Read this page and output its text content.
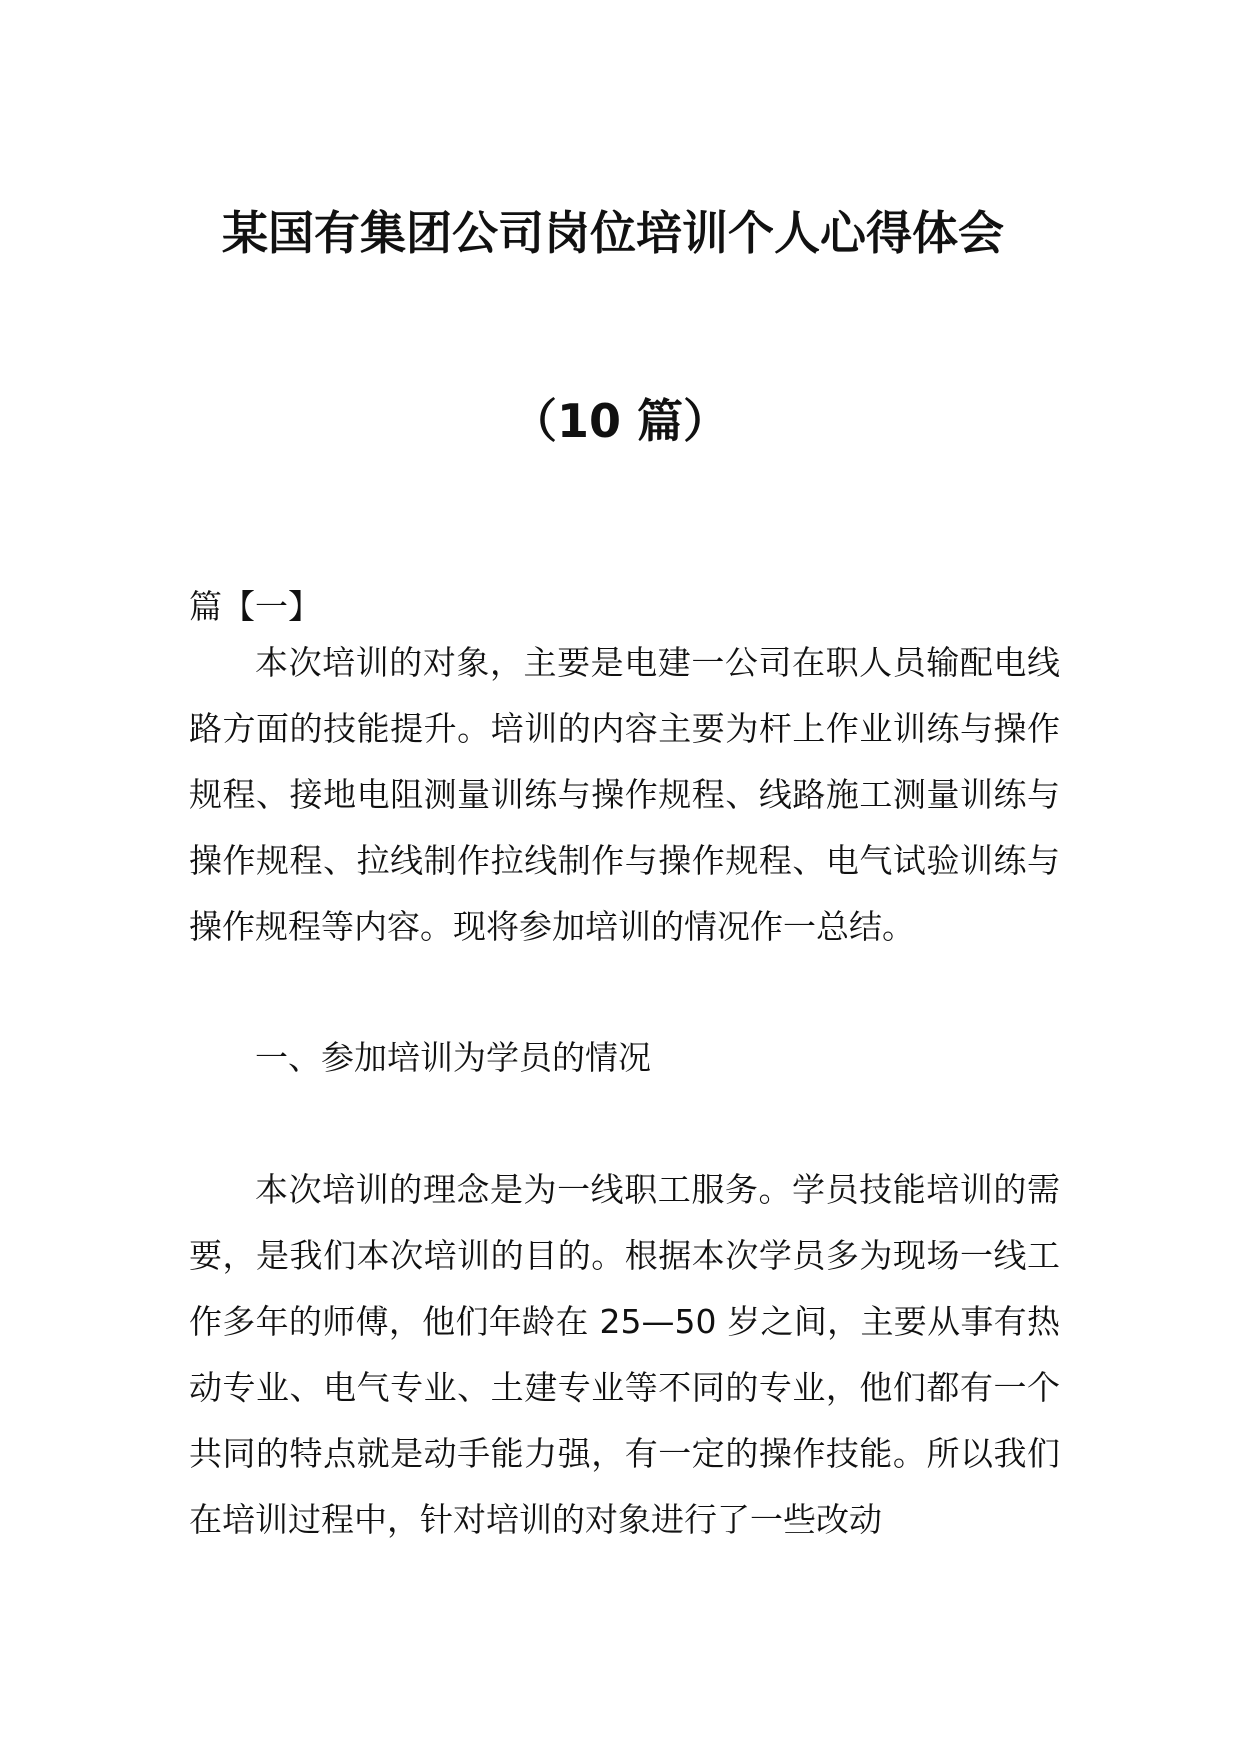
某国有集团公司岗位培训个人心得体会
（10 篇）

篇【一】

本次培训的对象，主要是电建一公司在职人员输配电线路方面的技能提升。培训的内容主要为杆上作业训练与操作规程、接地电阻测量训练与操作规程、线路施工测量训练与操作规程、拉线制作拉线制作与操作规程、电气试验训练与操作规程等内容。现将参加培训的情况作一总结。

一、参加培训为学员的情况

本次培训的理念是为一线职工服务。学员技能培训的需要，是我们本次培训的目的。根据本次学员多为现场一线工作多年的师傅，他们年龄在 25—50 岁之间，主要从事有热动专业、电气专业、土建专业等不同的专业，他们都有一个共同的特点就是动手能力强，有一定的操作技能。所以我们在培训过程中，针对培训的对象进行了一些改动
